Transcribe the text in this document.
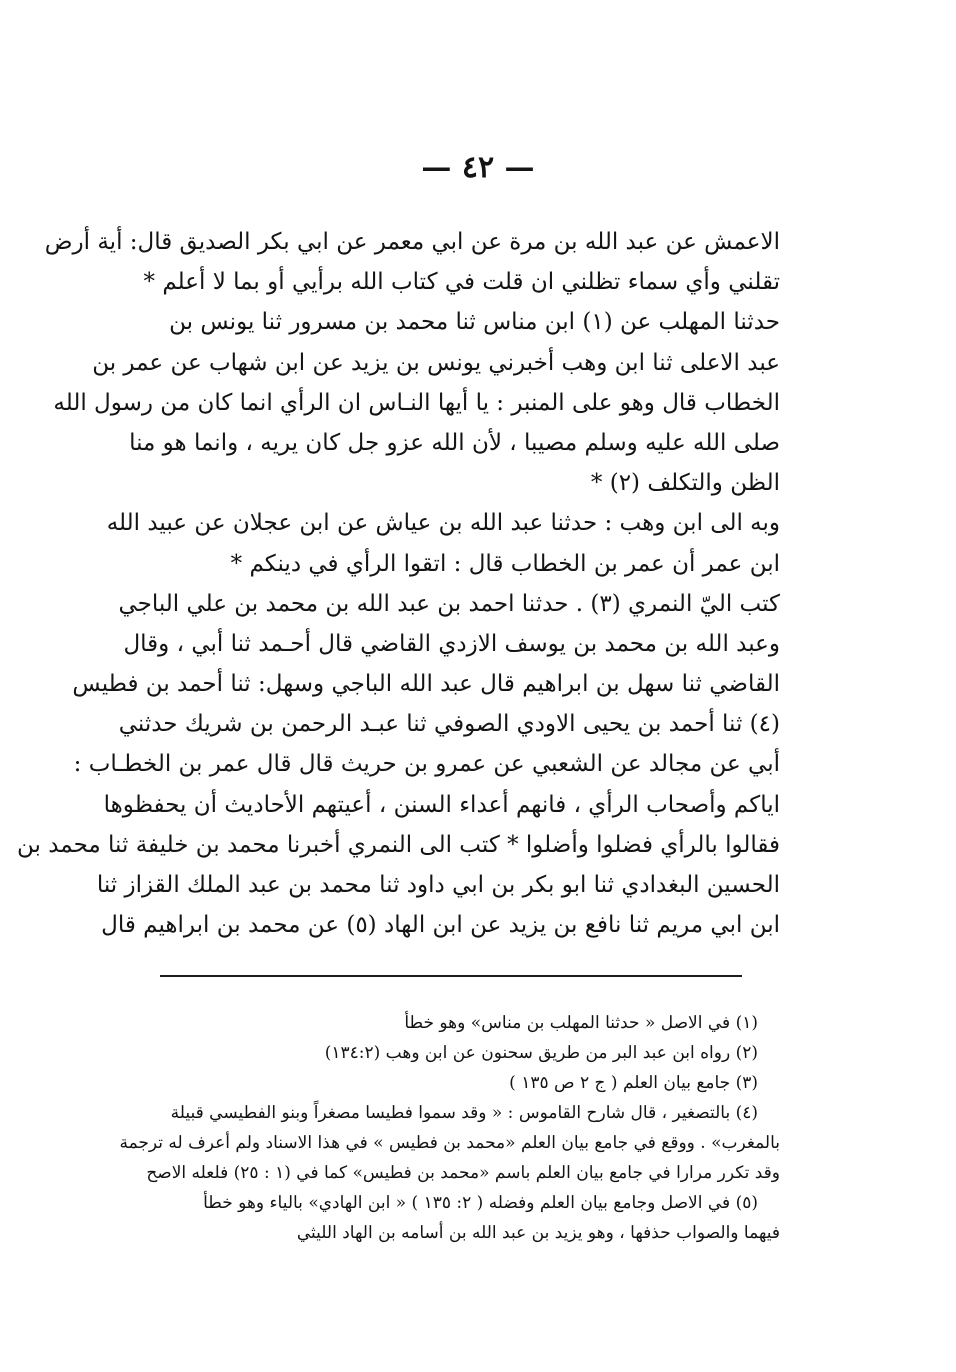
— ٤٢ —
الاعمش عن عبد الله بن مرة عن ابي معمر عن ابي بكر الصديق قال: أية أرض
تقلني وأي سماء تظلني ان قلت في كتاب الله برأيي أو بما لا أعلم *
حدثنا المهلب عن (١) ابن مناس ثنا محمد بن مسرور ثنا يونس بن
عبد الاعلى ثنا ابن وهب أخبرني يونس بن يزيد عن ابن شهاب عن عمر بن
الخطاب قال وهو على المنبر : يا أيها النـاس ان الرأي انما كان من رسول الله
صلى الله عليه وسلم مصيبا ، لأن الله عزو جل كان يريه ، وانما هو منا
الظن والتكلف (٢) *
وبه الى ابن وهب : حدثنا عبد الله بن عياش عن ابن عجلان عن عبيد الله
ابن عمر أن عمر بن الخطاب قال : اتقوا الرأي في دينكم *
كتب اليّ النمري (٣) . حدثنا احمد بن عبد الله بن محمد بن علي الباجي
وعبد الله بن محمد بن يوسف الازدي القاضي قال أحـمد ثنا أبي ، وقال
القاضي ثنا سهل بن ابراهيم قال عبد الله الباجي وسهل: ثنا أحمد بن فطيس
(٤) ثنا أحمد بن يحيى الاودي الصوفي ثنا عبـد الرحمن بن شريك حدثني
أبي عن مجالد عن الشعبي عن عمرو بن حريث قال قال عمر بن الخطـاب :
اياكم وأصحاب الرأي ، فانهم أعداء السنن ، أعيتهم الأحاديث أن يحفظوها
فقالوا بالرأي فضلوا وأضلوا * كتب الى النمري أخبرنا محمد بن خليفة ثنا محمد بن
الحسين البغدادي ثنا ابو بكر بن ابي داود ثنا محمد بن عبد الملك القزاز ثنا
ابن ابي مريم ثنا نافع بن يزيد عن ابن الهاد (٥) عن محمد بن ابراهيم قال
(١) في الاصل « حدثنا المهلب بن مناس» وهو خطأ
(٢) رواه ابن عبد البر من طريق سحنون عن ابن وهب (١٣٤:٢)
(٣) جامع بيان العلم ( ج ٢ ص ١٣٥ )
(٤) بالتصغير ، قال شارح القاموس : « وقد سموا فطيسا مصغراً وبنو الفطيسي قبيلة
بالمغرب» . ووقع في جامع بيان العلم «محمد بن فطيس » في هذا الاسناد ولم أعرف له ترجمة
وقد تكرر مرارا في جامع بيان العلم باسم «محمد بن فطيس» كما في (١ : ٢٥) فلعله الاصح
(٥) في الاصل وجامع بيان العلم وفضله ( ٢: ١٣٥ ) « ابن الهادي» بالياء وهو خطأ
فيهما والصواب حذفها ، وهو يزيد بن عبد الله بن أسامه بن الهاد الليثي
